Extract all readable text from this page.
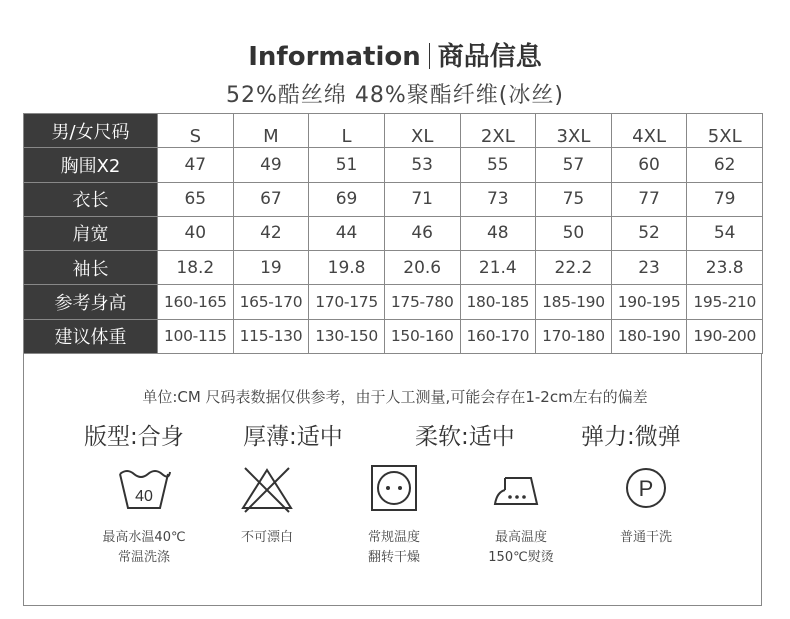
Information 商品信息
52%酷丝绵 48%聚酯纤维(冰丝)
男/女尺码	S	M	L	XL	2XL	3XL	4XL	5XL
胸围X2	47	49	51	53	55	57	60	62
衣长	65	67	69	71	73	75	77	79
肩宽	40	42	44	46	48	50	52	54
袖长	18.2	19	19.8	20.6	21.4	22.2	23	23.8
参考身高	160-165	165-170	170-175	175-780	180-185	185-190	190-195	195-210
建议体重	100-115	115-130	130-150	150-160	160-170	170-180	180-190	190-200
单位:CM 尺码表数据仅供参考，由于人工测量,可能会存在1-2cm左右的偏差
版型:合身	厚薄:适中	柔软:适中	弹力:微弹
40
最高水温40℃
常温洗涤
不可漂白	常规温度
翻转干燥
最高温度
150℃熨烫
P
普通干洗
